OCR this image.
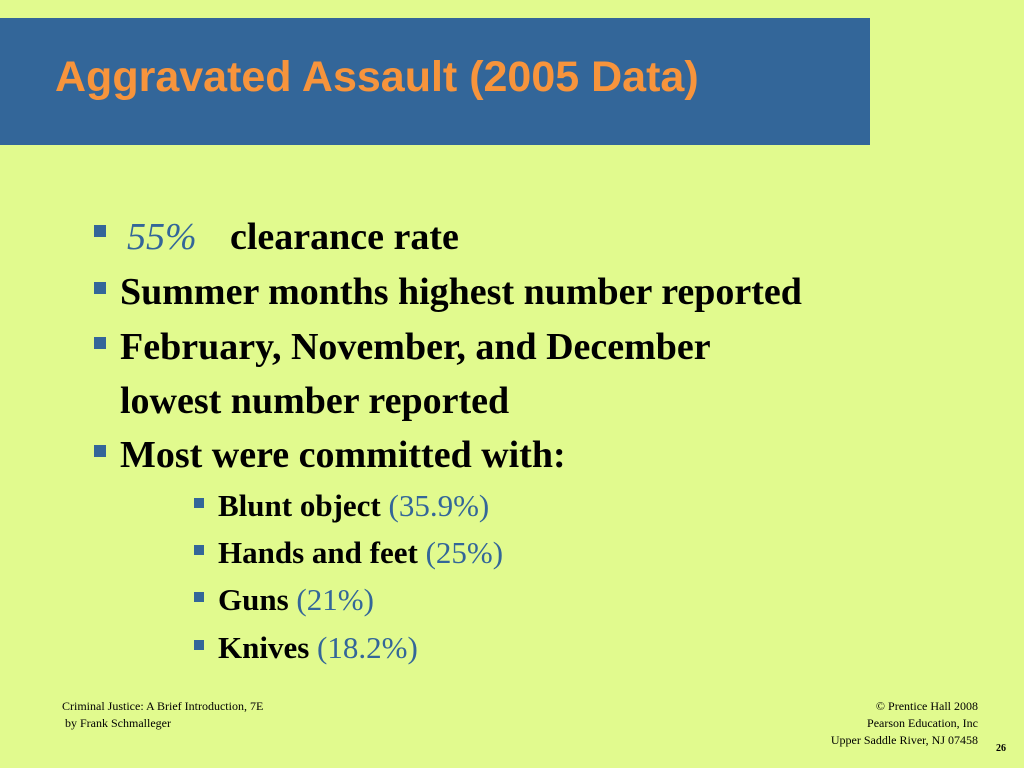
Aggravated Assault (2005 Data)
55% clearance rate
Summer months highest number reported
February, November, and December
lowest number reported
Most were committed with:
Blunt object (35.9%)
Hands and feet (25%)
Guns (21%)
Knives (18.2%)
Criminal Justice: A Brief Introduction, 7E
by Frank Schmalleger
© Prentice Hall 2008
Pearson Education, Inc
Upper Saddle River, NJ 07458
26
